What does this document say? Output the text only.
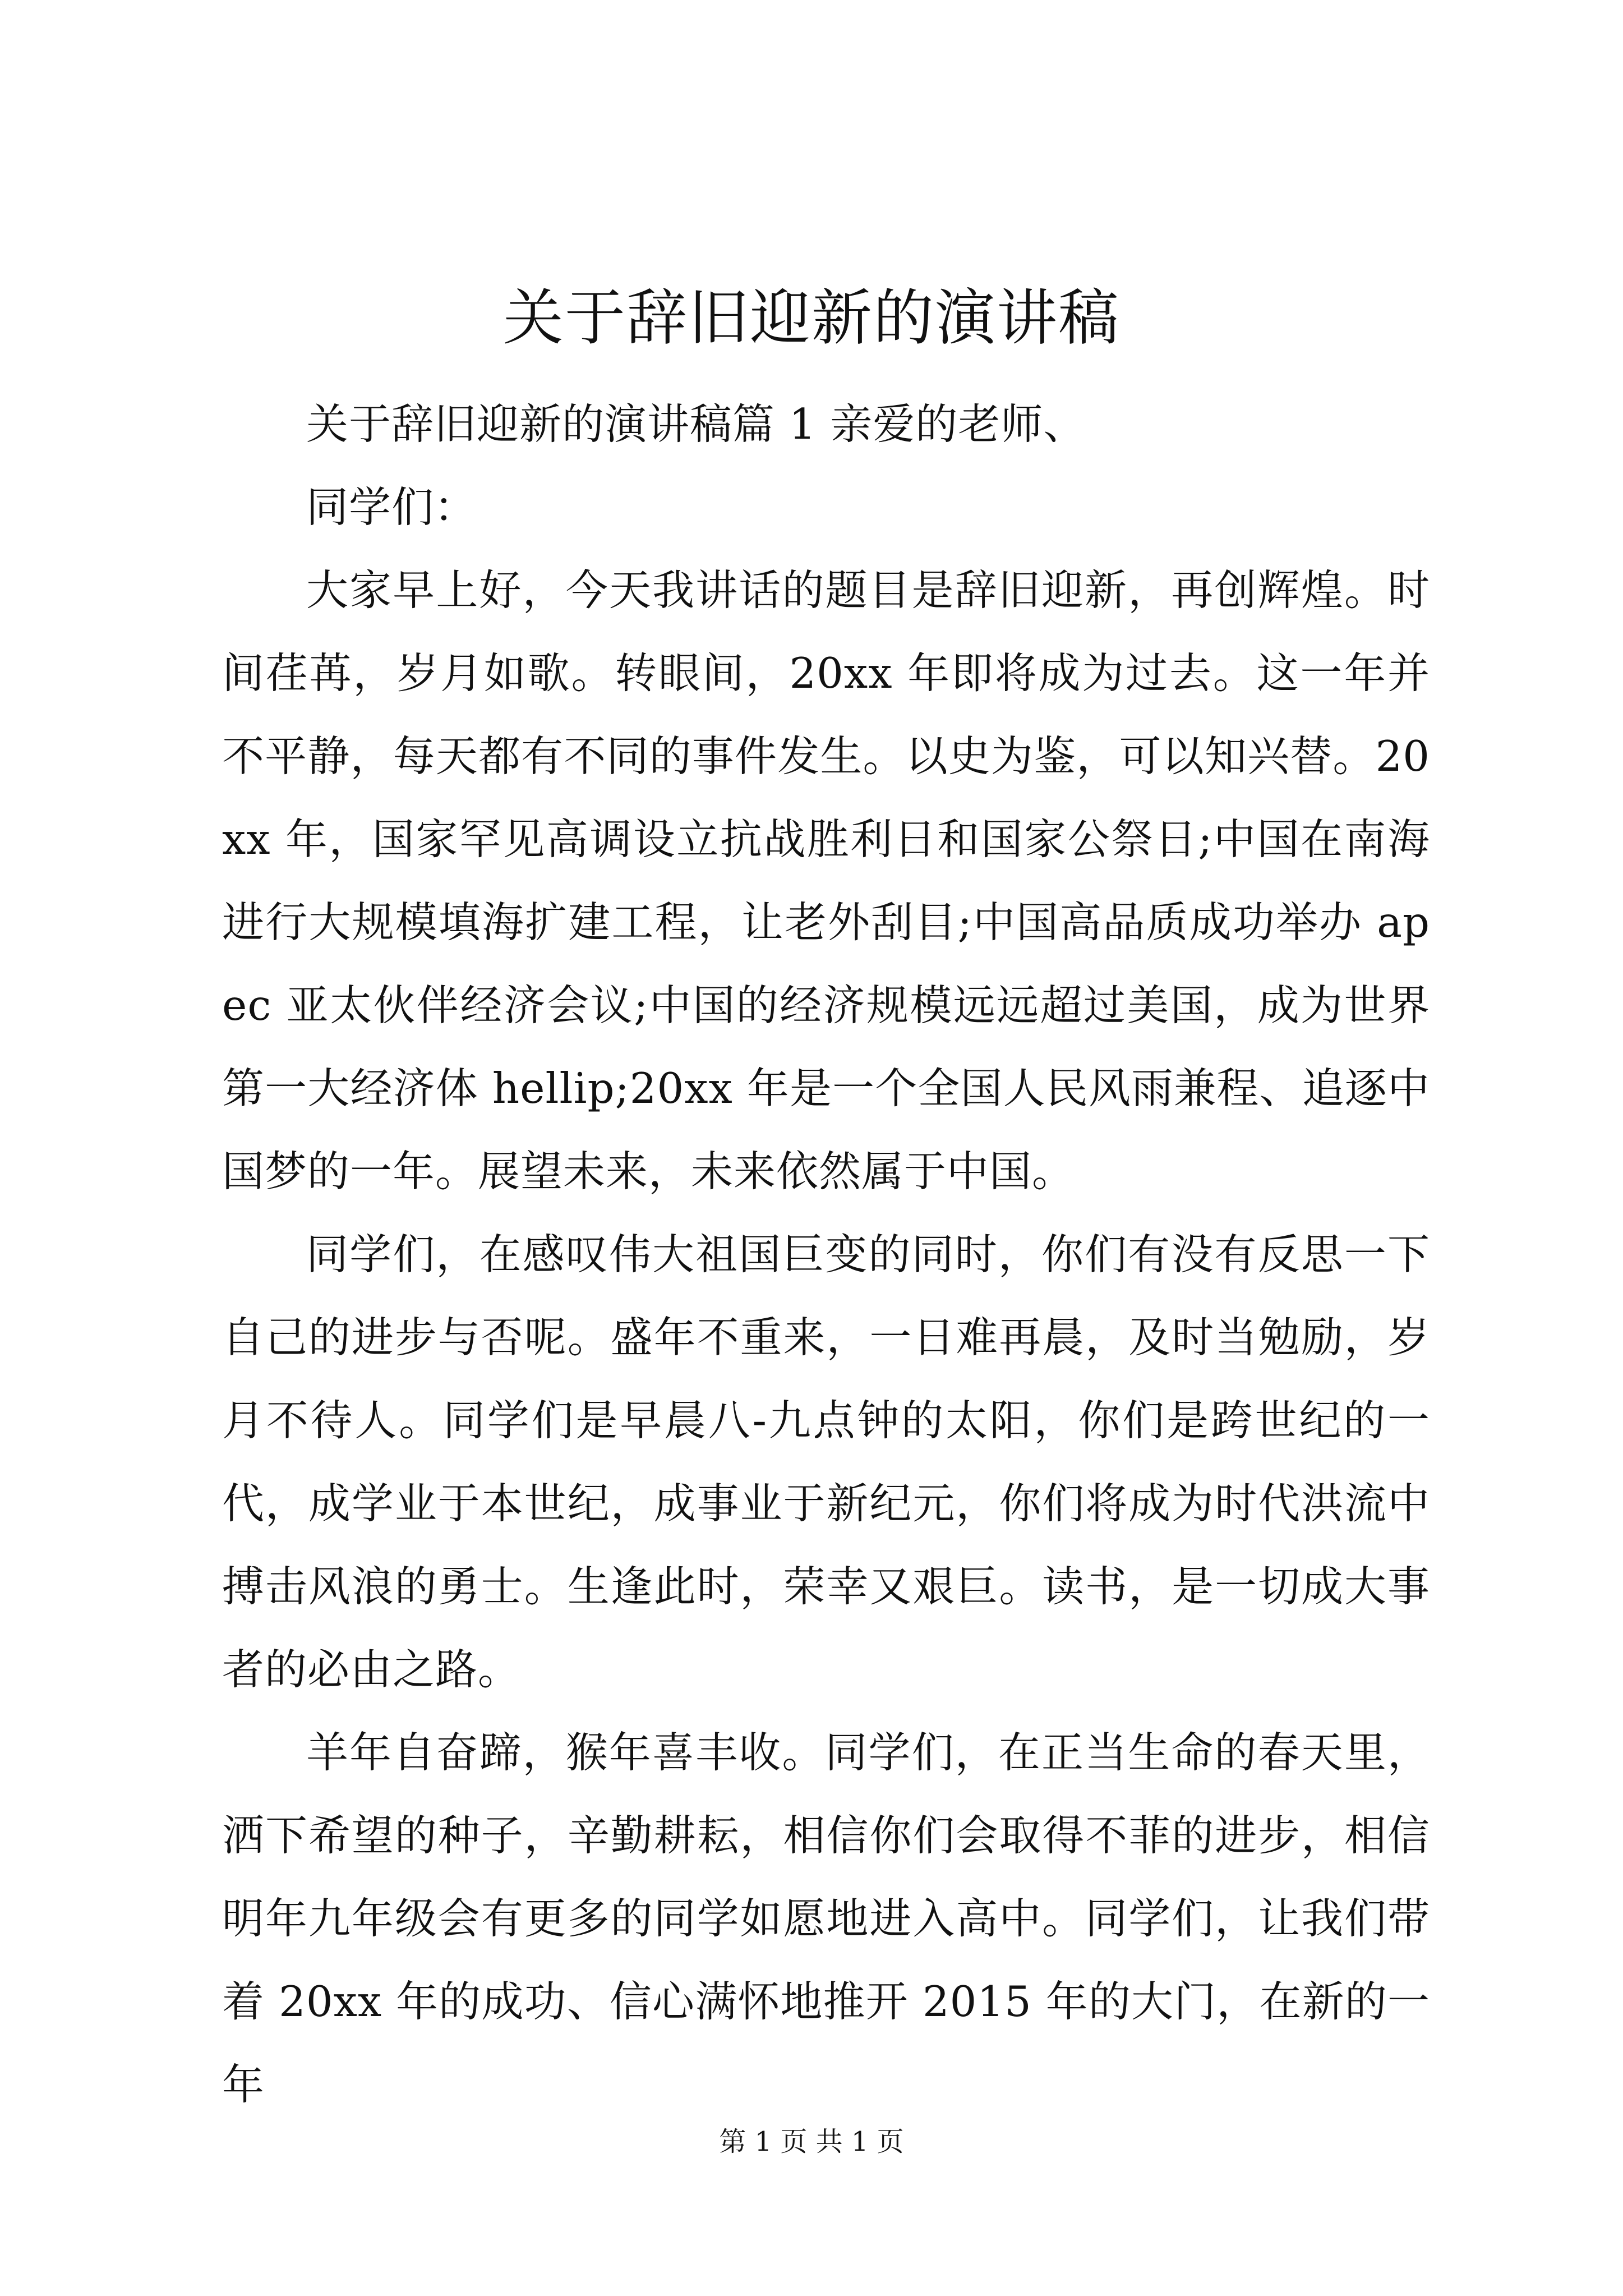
关于辞旧迎新的演讲稿

关于辞旧迎新的演讲稿篇 1 亲爱的老师、

同学们：

大家早上好，今天我讲话的题目是辞旧迎新，再创辉煌。时间荏苒，岁月如歌。转眼间，20xx 年即将成为过去。这一年并不平静，每天都有不同的事件发生。以史为鉴，可以知兴替。20xx 年，国家罕见高调设立抗战胜利日和国家公祭日;中国在南海进行大规模填海扩建工程，让老外刮目;中国高品质成功举办 apec 亚太伙伴经济会议;中国的经济规模远远超过美国，成为世界第一大经济体 hellip;20xx 年是一个全国人民风雨兼程、追逐中国梦的一年。展望未来，未来依然属于中国。

同学们，在感叹伟大祖国巨变的同时，你们有没有反思一下自己的进步与否呢。盛年不重来，一日难再晨，及时当勉励，岁月不待人。同学们是早晨八-九点钟的太阳，你们是跨世纪的一代，成学业于本世纪，成事业于新纪元，你们将成为时代洪流中搏击风浪的勇士。生逢此时，荣幸又艰巨。读书，是一切成大事者的必由之路。

羊年自奋蹄，猴年喜丰收。同学们，在正当生命的春天里，洒下希望的种子，辛勤耕耘，相信你们会取得不菲的进步，相信明年九年级会有更多的同学如愿地进入高中。同学们，让我们带着 20xx 年的成功、信心满怀地推开 2015 年的大门，在新的一年

第 1 页 共 1 页
